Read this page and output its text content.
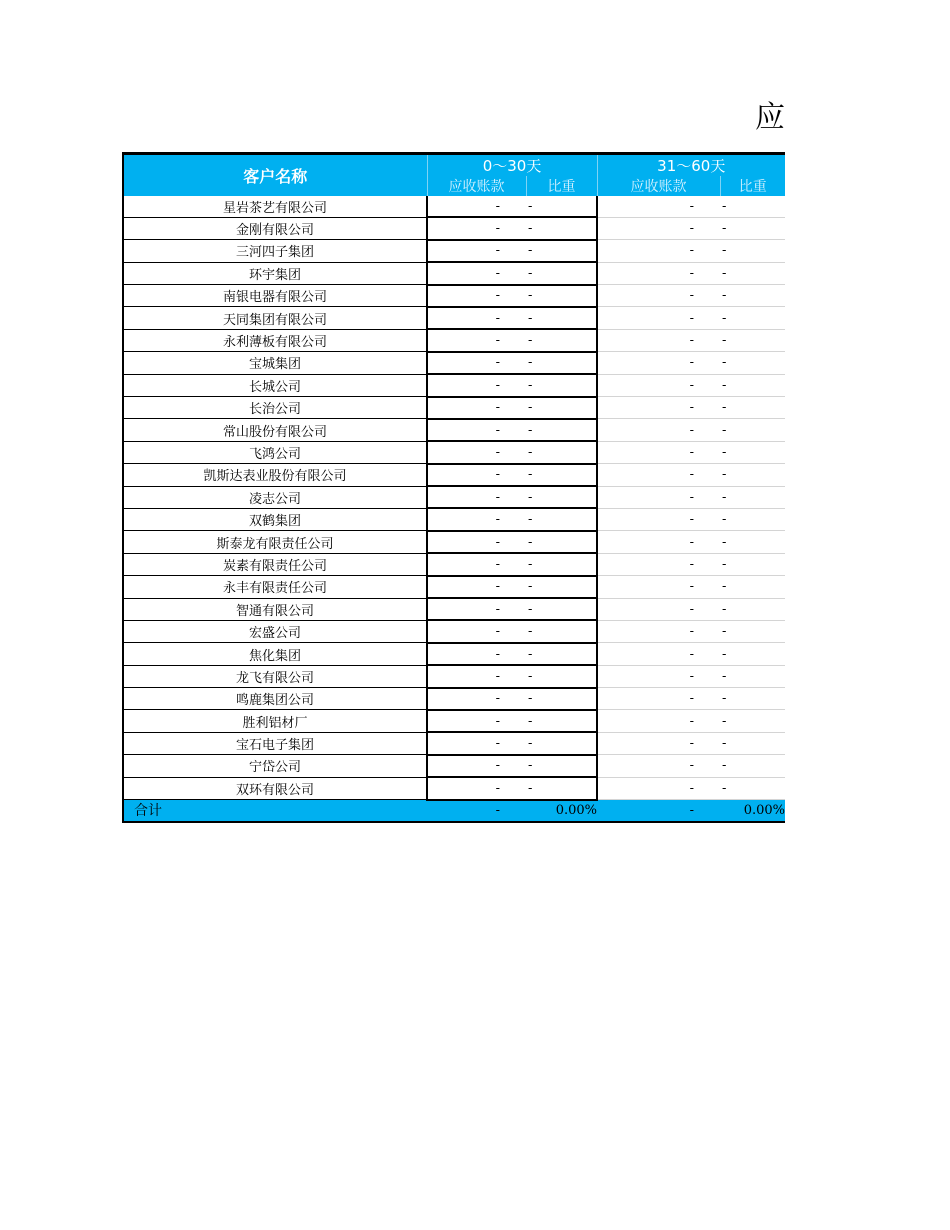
应
客户名称	0～30天		31～60天	
	应收账款	比重	应收账款	比重
星岩茶艺有限公司	-	-	-	-
金刚有限公司	-	-	-	-
三河四子集团	-	-	-	-
环宇集团	-	-	-	-
南银电器有限公司	-	-	-	-
天同集团有限公司	-	-	-	-
永利薄板有限公司	-	-	-	-
宝城集团	-	-	-	-
长城公司	-	-	-	-
长治公司	-	-	-	-
常山股份有限公司	-	-	-	-
飞鸿公司	-	-	-	-
凯斯达表业股份有限公司	-	-	-	-
凌志公司	-	-	-	-
双鹤集团	-	-	-	-
斯泰龙有限责任公司	-	-	-	-
炭素有限责任公司	-	-	-	-
永丰有限责任公司	-	-	-	-
智通有限公司	-	-	-	-
宏盛公司	-	-	-	-
焦化集团	-	-	-	-
龙飞有限公司	-	-	-	-
鸣鹿集团公司	-	-	-	-
胜利铝材厂	-	-	-	-
宝石电子集团	-	-	-	-
宁岱公司	-	-	-	-
双环有限公司	-	-	-	-
合计	-	0.00%	-	0.00%
